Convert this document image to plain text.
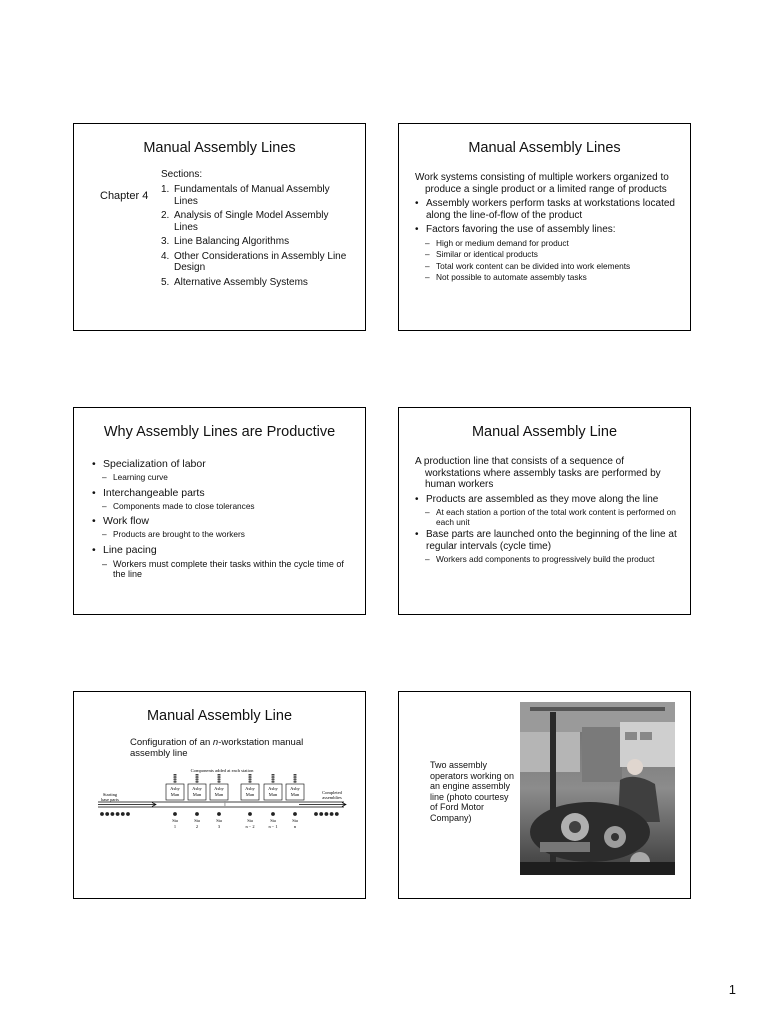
Manual Assembly Lines
Chapter 4
Sections:
1. Fundamentals of Manual Assembly Lines
2. Analysis of Single Model Assembly Lines
3. Line Balancing Algorithms
4. Other Considerations in Assembly Line Design
5. Alternative Assembly Systems
Manual Assembly Lines

Work systems consisting of multiple workers organized to produce a single product or a limited range of products

• Assembly workers perform tasks at workstations located along the line-of-flow of the product

• Factors favoring the use of assembly lines:

– High or medium demand for product

– Similar or identical products

– Total work content can be divided into work elements

– Not possible to automate assembly tasks

Why Assembly Lines are Productive

• Specialization of labor

– Learning curve

• Interchangeable parts

– Components made to close tolerances

• Work flow

– Products are brought to the workers

• Line pacing

– Workers must complete their tasks within the cycle time of the line

Manual Assembly Line

A production line that consists of a sequence of workstations where assembly tasks are performed by human workers

• Products are assembled as they move along the line

– At each station a portion of the total work content is performed on each unit

• Base parts are launched onto the beginning of the line at regular intervals (cycle time)

– Workers add components to progressively build the product

Manual Assembly Line
Configuration of an n-workstation manual assembly line
Components added at each station
Starting
base parts
Completed
assemblies
⁞
Asby
Man
Sta
1
Asby
Man
Sta
2
Asby
Man
Sta
3
Asby
Man
Sta
n − 2
Asby
Man
Sta
n − 1
Asby
Man
Sta
n
Two assembly operators working on an engine assembly line (photo courtesy of Ford Motor Company)
1
